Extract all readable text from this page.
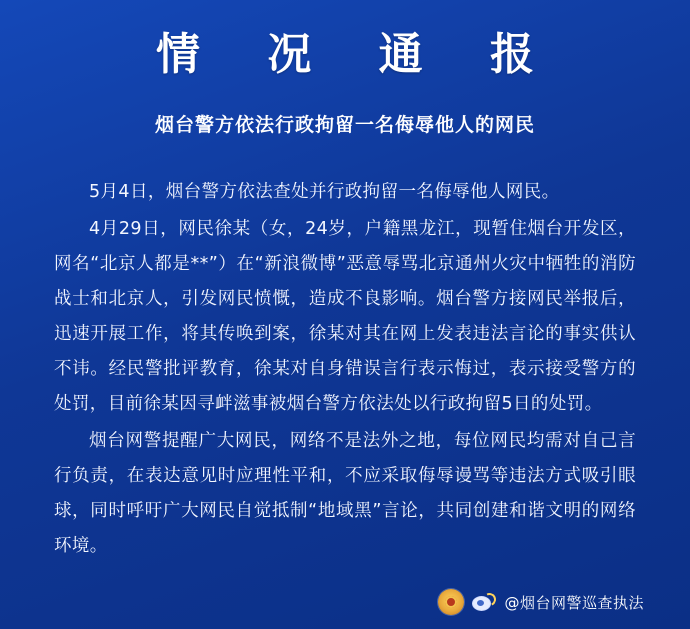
情 况 通 报
烟台警方依法行政拘留一名侮辱他人的网民

5月4日，烟台警方依法查处并行政拘留一名侮辱他人网民。

4月29日，网民徐某（女，24岁，户籍黑龙江，现暂住烟台开发区，网名“北京人都是**”）在“新浪微博”恶意辱骂北京通州火灾中牺牲的消防战士和北京人，引发网民愤慨，造成不良影响。烟台警方接网民举报后，迅速开展工作，将其传唤到案，徐某对其在网上发表违法言论的事实供认不讳。经民警批评教育，徐某对自身错误言行表示悔过，表示接受警方的处罚，目前徐某因寻衅滋事被烟台警方依法处以行政拘留5日的处罚。

烟台网警提醒广大网民，网络不是法外之地，每位网民均需对自己言行负责，在表达意见时应理性平和，不应采取侮辱谩骂等违法方式吸引眼球，同时呼吁广大网民自觉抵制“地域黑”言论，共同创建和谐文明的网络环境。

@烟台网警巡查执法
